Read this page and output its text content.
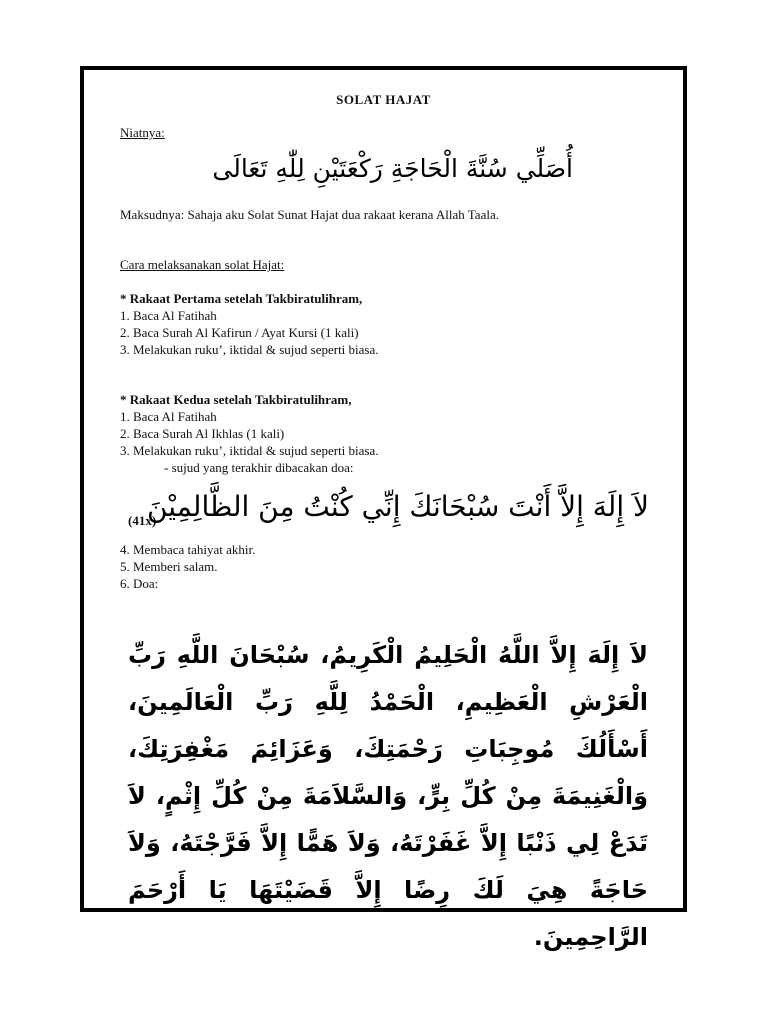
SOLAT HAJAT
Niatnya:
أُصَلِّي سُنَّةَ الْحَاجَةِ رَكْعَتَيْنِ لِلّٰهِ تَعَالَى
Maksudnya: Sahaja aku Solat Sunat Hajat dua rakaat kerana Allah Taala.
Cara melaksanakan solat Hajat:
* Rakaat Pertama setelah Takbiratulihram,
1. Baca Al Fatihah
2. Baca Surah Al Kafirun / Ayat Kursi (1 kali)
3. Melakukan ruku’, iktidal & sujud seperti biasa.
* Rakaat Kedua setelah Takbiratulihram,
1. Baca Al Fatihah
2. Baca Surah Al Ikhlas (1 kali)
3. Melakukan ruku’, iktidal & sujud seperti biasa.
- sujud yang terakhir dibacakan doa:
(41x)
لاَ إِلَهَ إِلاَّ أَنْتَ سُبْحَانَكَ إِنِّي كُنْتُ مِنَ الظَّالِمِيْنَ
4. Membaca tahiyat akhir.
5. Memberi salam.
6. Doa:
لاَ إِلَهَ إِلاَّ اللَّهُ الْحَلِيمُ الْكَرِيمُ، سُبْحَانَ اللَّهِ رَبِّ الْعَرْشِ الْعَظِيمِ، الْحَمْدُ لِلَّهِ رَبِّ الْعَالَمِينَ، أَسْأَلُكَ مُوجِبَاتِ رَحْمَتِكَ، وَعَزَائِمَ مَغْفِرَتِكَ، وَالْغَنِيمَةَ مِنْ كُلِّ بِرٍّ، وَالسَّلاَمَةَ مِنْ كُلِّ إِثْمٍ، لاَ تَدَعْ لِي ذَنْبًا إِلاَّ غَفَرْتَهُ، وَلاَ هَمًّا إِلاَّ فَرَّجْتَهُ، وَلاَ حَاجَةً هِيَ لَكَ رِضًا إِلاَّ قَضَيْتَهَا يَا أَرْحَمَ الرَّاحِمِينَ.
